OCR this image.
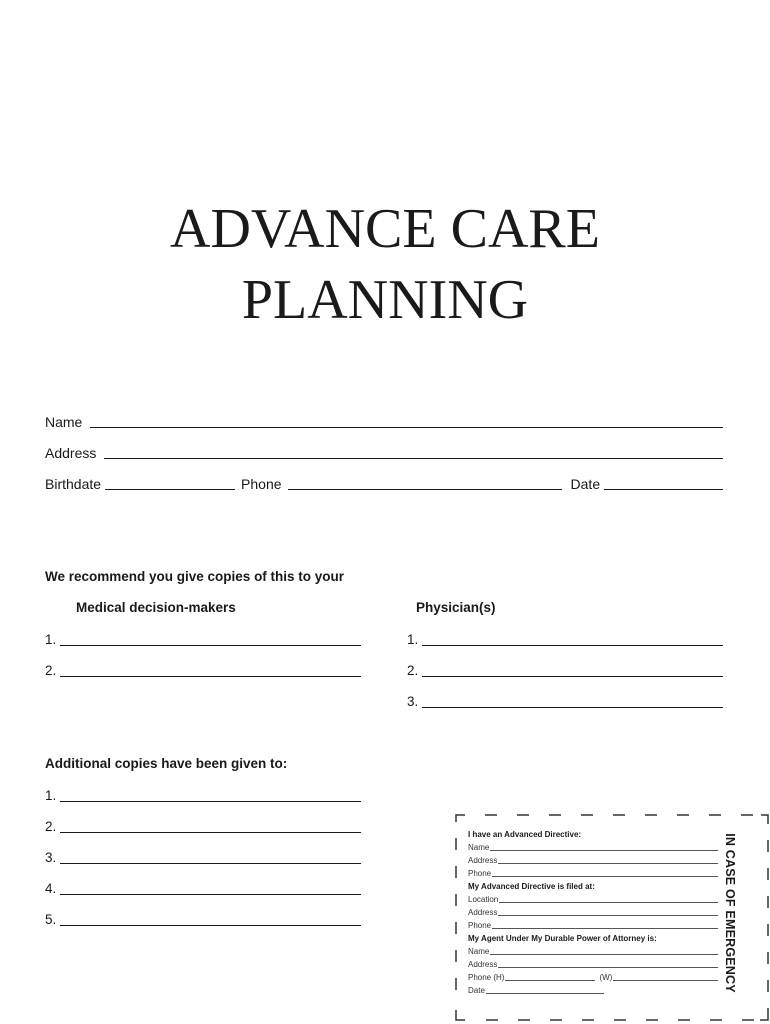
ADVANCE CARE
PLANNING
Name
Address
Birthdate	Phone	Date
We recommend you give copies of this to your
Medical decision-makers	Physician(s)
1.
2.
1.
2.
3.
Additional copies have been given to:
1.
2.
3.
4.
5.
I have an Advanced Directive:
Name
Address
Phone
My Advanced Directive is filed at:
Location
Address
Phone
My Agent Under My Durable Power of Attorney is:
Name
Address
Phone (H)	(W)
Date	IN CASE OF EMERGENCY
